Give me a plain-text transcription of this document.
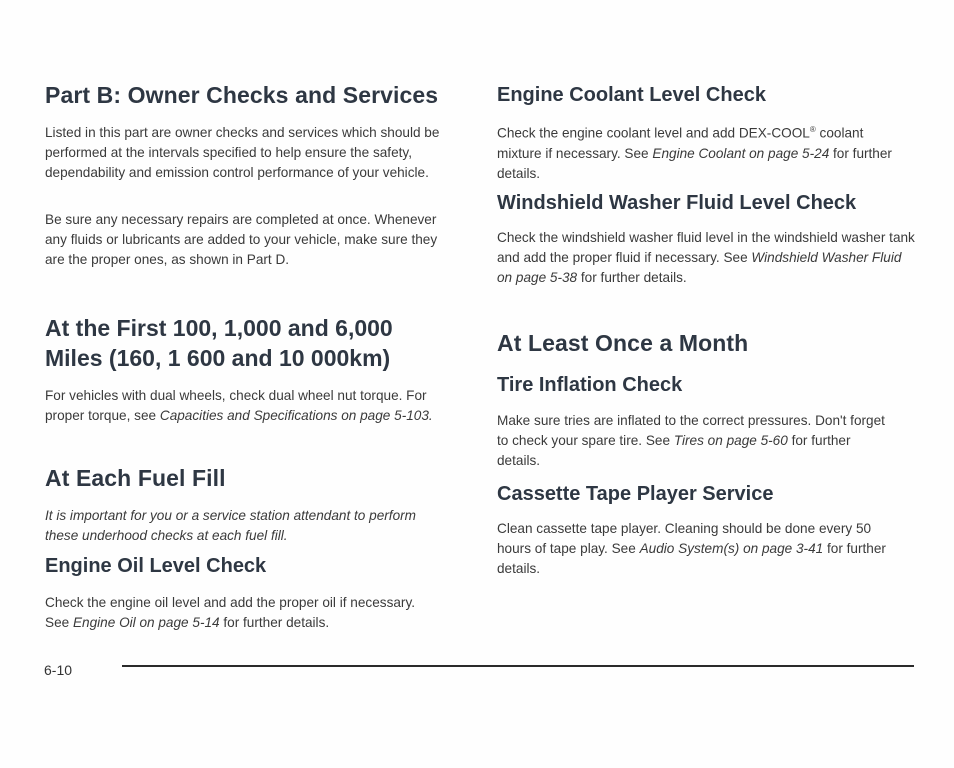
Part B: Owner Checks and Services

Listed in this part are owner checks and services which should be performed at the intervals specified to help ensure the safety, dependability and emission control performance of your vehicle.

Be sure any necessary repairs are completed at once. Whenever any fluids or lubricants are added to your vehicle, make sure they are the proper ones, as shown in Part D.

At the First 100, 1,000 and 6,000 Miles (160, 1 600 and 10 000km)

For vehicles with dual wheels, check dual wheel nut torque. For proper torque, see Capacities and Specifications on page 5-103.

At Each Fuel Fill

It is important for you or a service station attendant to perform these underhood checks at each fuel fill.

Engine Oil Level Check

Check the engine oil level and add the proper oil if necessary. See Engine Oil on page 5-14 for further details.

Engine Coolant Level Check

Check the engine coolant level and add DEX-COOL® coolant mixture if necessary. See Engine Coolant on page 5-24 for further details.

Windshield Washer Fluid Level Check

Check the windshield washer fluid level in the windshield washer tank and add the proper fluid if necessary. See Windshield Washer Fluid on page 5-38 for further details.

At Least Once a Month
Tire Inflation Check

Make sure tries are inflated to the correct pressures. Don't forget to check your spare tire. See Tires on page 5-60 for further details.

Cassette Tape Player Service

Clean cassette tape player. Cleaning should be done every 50 hours of tape play. See Audio System(s) on page 3-41 for further details.

6-10
